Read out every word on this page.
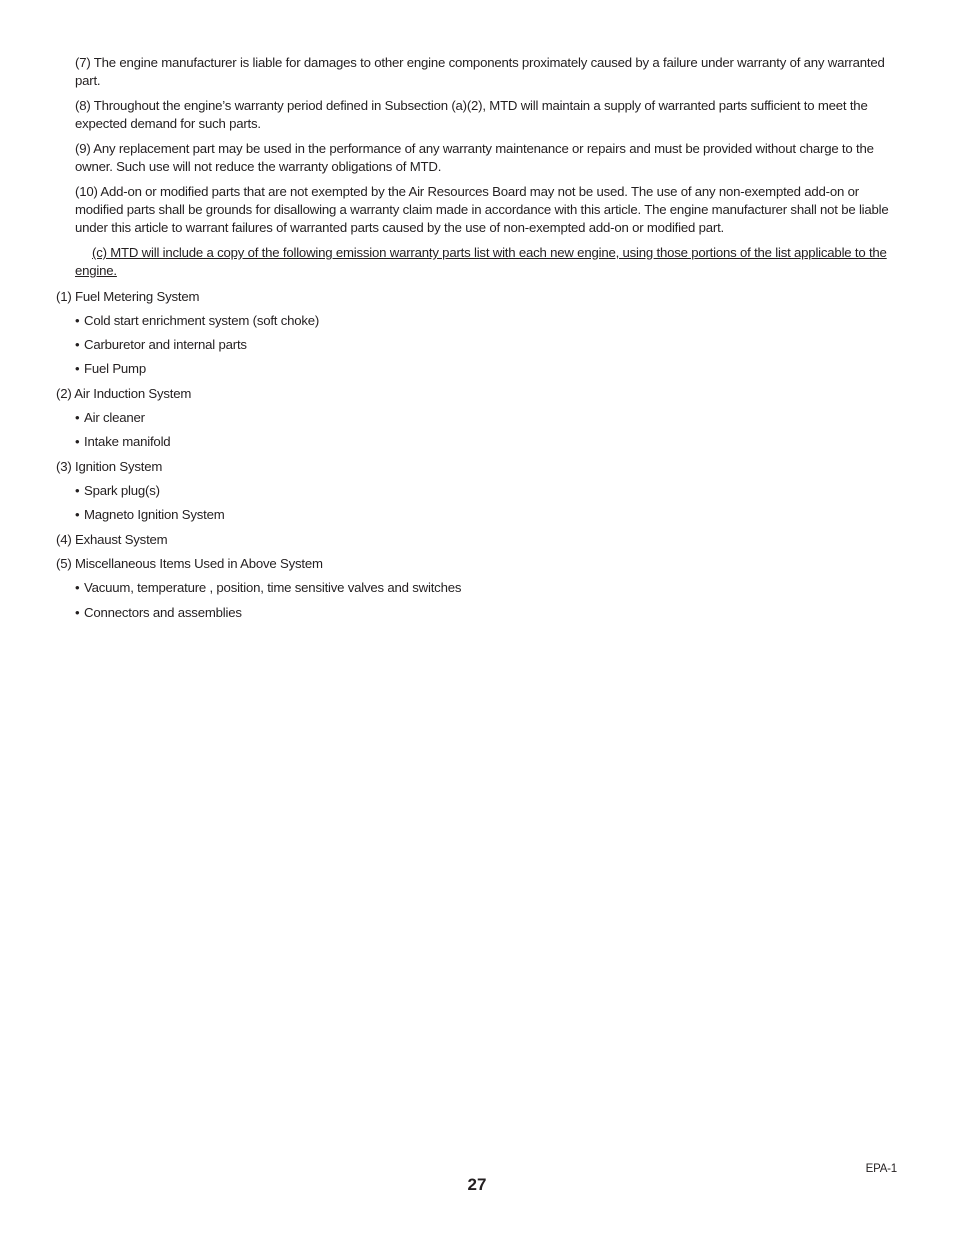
(7) The engine manufacturer is liable for damages to other engine components proximately caused by a failure under warranty of any warranted part.

(8) Throughout the engine’s warranty period defined in Subsection (a)(2), MTD will maintain a supply of warranted parts sufficient to meet the expected demand for such parts.

(9) Any replacement part may be used in the performance of any warranty maintenance or repairs and must be provided without charge to the owner. Such use will not reduce the warranty obligations of MTD.

(10) Add-on or modified parts that are not exempted by the Air Resources Board may not be used. The use of any non-exempted add-on or modified parts shall be grounds for disallowing a warranty claim made in accordance with this article. The engine manufacturer shall not be liable under this article to warrant failures of warranted parts caused by the use of non-exempted add-on or modified part.

(c) MTD will include a copy of the following emission warranty parts list with each new engine, using those portions of the list applicable to the engine.

(1) Fuel Metering System

• Cold start enrichment system (soft choke)

• Carburetor and internal parts

• Fuel Pump

(2) Air Induction System

• Air cleaner

• Intake manifold

(3) Ignition System

• Spark plug(s)

• Magneto Ignition System

(4) Exhaust System

(5) Miscellaneous Items Used in Above System

• Vacuum, temperature , position, time sensitive valves and switches

• Connectors and assemblies

EPA-1

27
